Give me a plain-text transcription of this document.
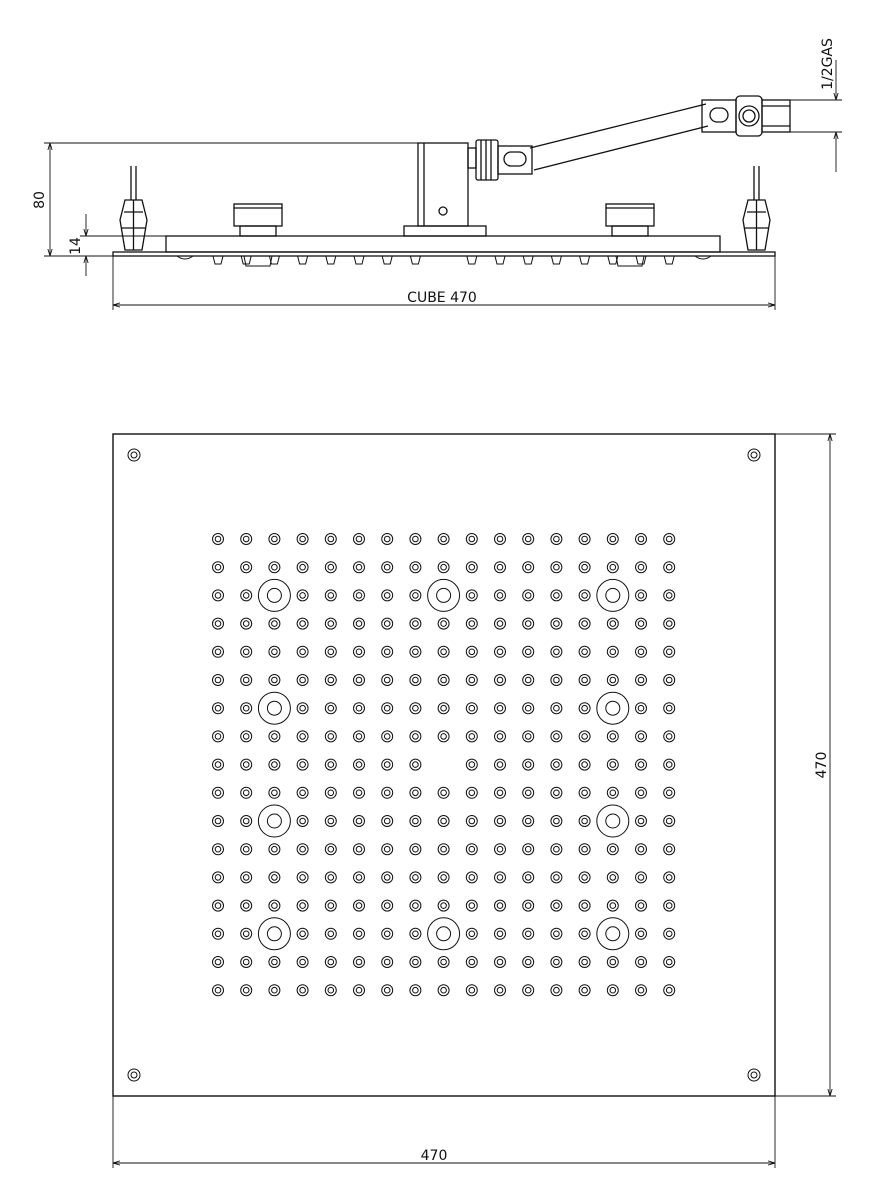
80
14
CUBE 470
1/2GAS
470
470
